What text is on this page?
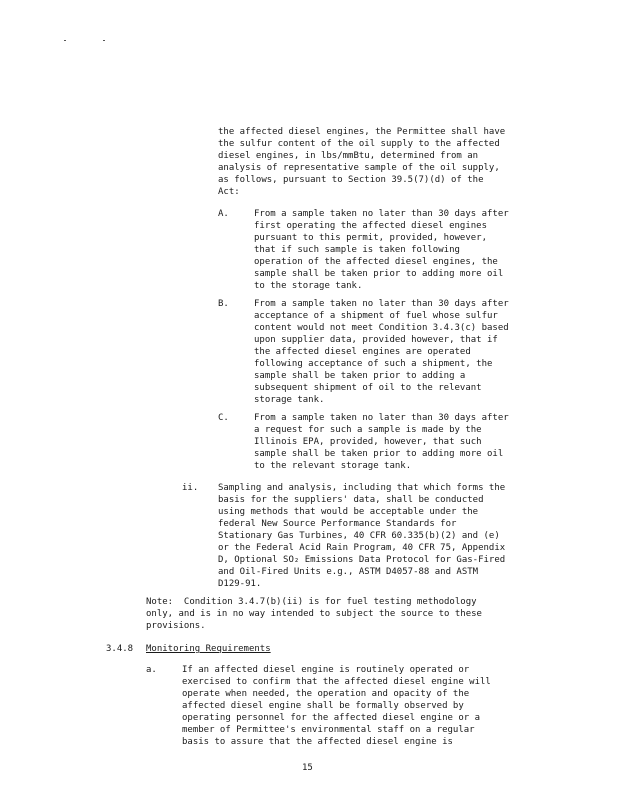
the affected diesel engines, the Permittee shall have
the sulfur content of the oil supply to the affected
diesel engines, in lbs/mmBtu, determined from an
analysis of representative sample of the oil supply,
as follows, pursuant to Section 39.5(7)(d) of the
Act:
A.	From a sample taken no later than 30 days after
first operating the affected diesel engines
pursuant to this permit, provided, however,
that if such sample is taken following
operation of the affected diesel engines, the
sample shall be taken prior to adding more oil
to the storage tank.
B.	From a sample taken no later than 30 days after
acceptance of a shipment of fuel whose sulfur
content would not meet Condition 3.4.3(c) based
upon supplier data, provided however, that if
the affected diesel engines are operated
following acceptance of such a shipment, the
sample shall be taken prior to adding a
subsequent shipment of oil to the relevant
storage tank.
C.	From a sample taken no later than 30 days after
a request for such a sample is made by the
Illinois EPA, provided, however, that such
sample shall be taken prior to adding more oil
to the relevant storage tank.
ii. Sampling and analysis, including that which forms the
basis for the suppliers' data, shall be conducted
using methods that would be acceptable under the
federal New Source Performance Standards for
Stationary Gas Turbines, 40 CFR 60.335(b)(2) and (e)
or the Federal Acid Rain Program, 40 CFR 75, Appendix
D, Optional SO₂ Emissions Data Protocol for Gas-Fired
and Oil-Fired Units e.g., ASTM D4057-88 and ASTM
D129-91.
Note:  Condition 3.4.7(b)(ii) is for fuel testing methodology
only, and is in no way intended to subject the source to these
provisions.
3.4.8 Monitoring Requirements
a.	If an affected diesel engine is routinely operated or
exercised to confirm that the affected diesel engine will
operate when needed, the operation and opacity of the
affected diesel engine shall be formally observed by
operating personnel for the affected diesel engine or a
member of Permittee's environmental staff on a regular
basis to assure that the affected diesel engine is
15
